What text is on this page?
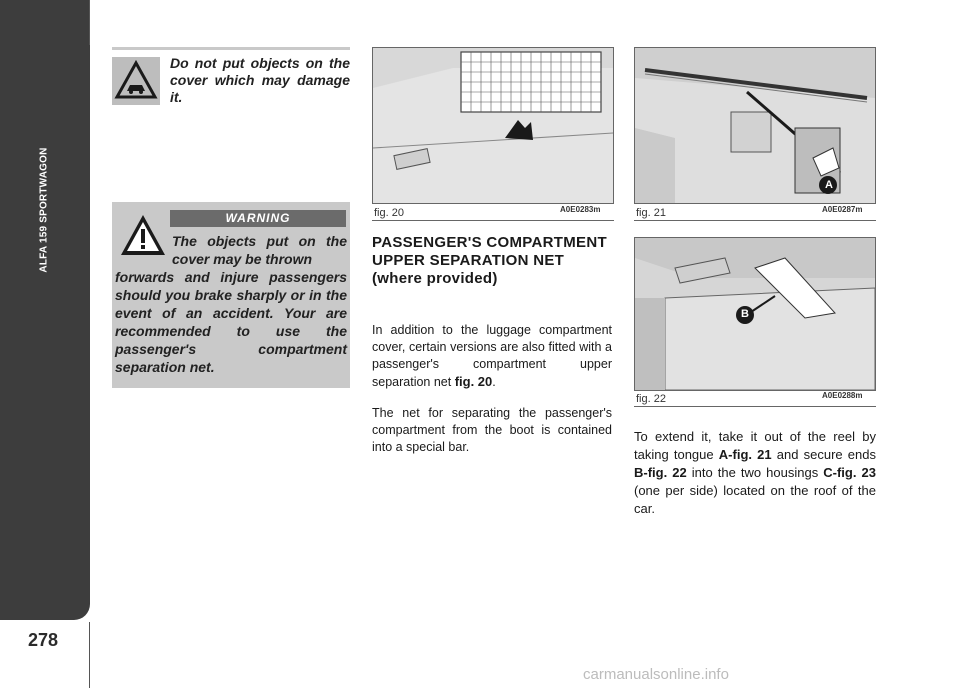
ALFA 159 SPORTWAGON
278
Do not put objects on the cover which may damage it.
WARNING
The objects put on the cover may be thrown
forwards and injure passengers should you brake sharply or in the event of an accident. Your are recommended to use the passenger's compartment separation net.
fig. 20	A0E0283m
A
fig. 21	A0E0287m
B
fig. 22	A0E0288m
PASSENGER'S COMPARTMENT UPPER SEPARATION NET (where provided)
In addition to the luggage compartment cover, certain versions are also fitted with a passenger's compartment upper separation net fig. 20.
The net for separating the passenger's compartment from the boot is contained into a special bar.
To extend it, take it out of the reel by taking tongue A-fig. 21 and secure ends B-fig. 22 into the two housings C-fig. 23 (one per side) located on the roof of the car.
carmanualsonline.info
